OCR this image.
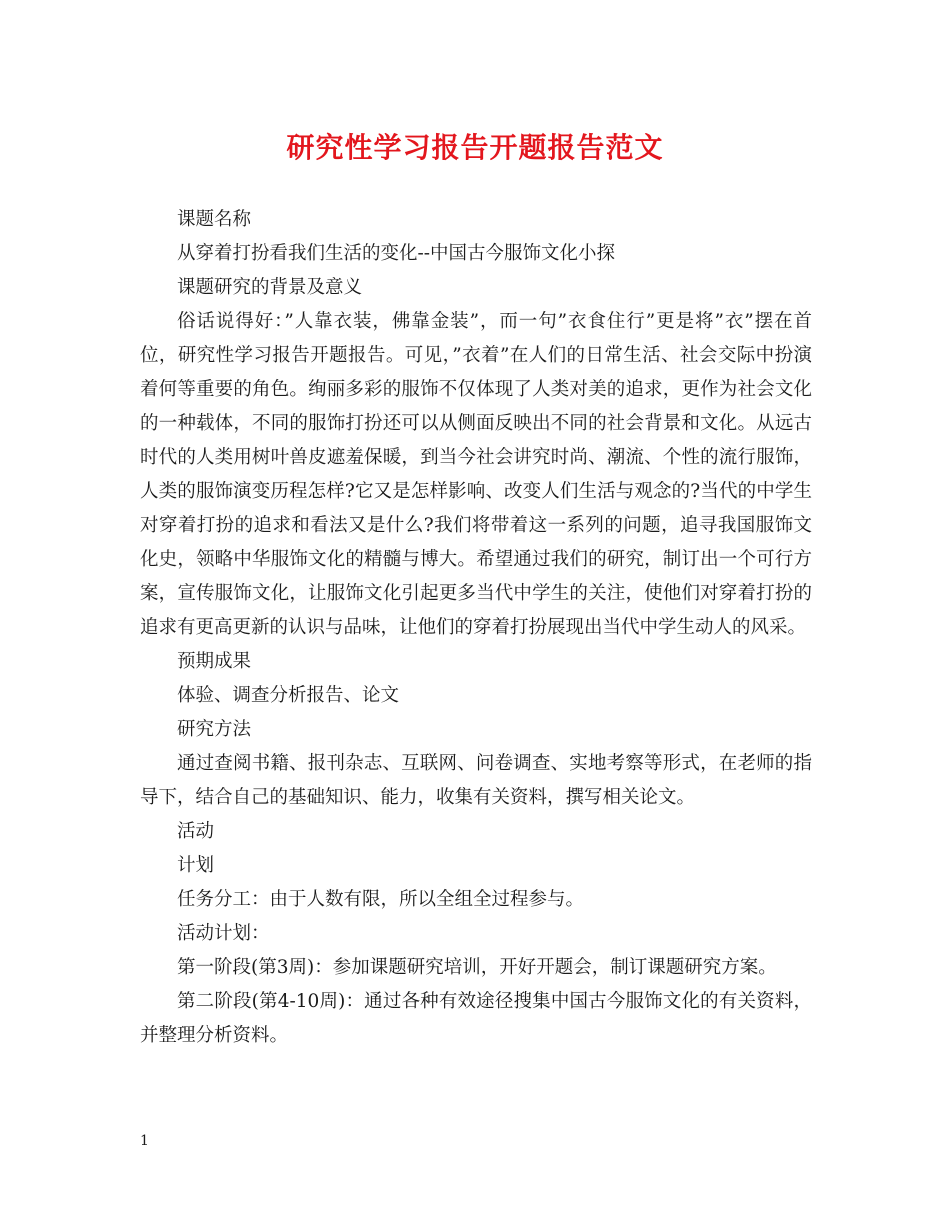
研究性学习报告开题报告范文

课题名称

从穿着打扮看我们生活的变化--中国古今服饰文化小探

课题研究的背景及意义

俗话说得好：”人靠衣装，佛靠金装”，而一句”衣食住行”更是将”衣”摆在首位，研究性学习报告开题报告。可见，”衣着”在人们的日常生活、社会交际中扮演着何等重要的角色。绚丽多彩的服饰不仅体现了人类对美的追求，更作为社会文化的一种载体，不同的服饰打扮还可以从侧面反映出不同的社会背景和文化。从远古时代的人类用树叶兽皮遮羞保暖，到当今社会讲究时尚、潮流、个性的流行服饰，人类的服饰演变历程怎样?它又是怎样影响、改变人们生活与观念的?当代的中学生对穿着打扮的追求和看法又是什么?我们将带着这一系列的问题，追寻我国服饰文化史，领略中华服饰文化的精髓与博大。希望通过我们的研究，制订出一个可行方案，宣传服饰文化，让服饰文化引起更多当代中学生的关注，使他们对穿着打扮的追求有更高更新的认识与品味，让他们的穿着打扮展现出当代中学生动人的风采。

预期成果

体验、调查分析报告、论文

研究方法

通过查阅书籍、报刊杂志、互联网、问卷调查、实地考察等形式，在老师的指导下，结合自己的基础知识、能力，收集有关资料，撰写相关论文。

活动

计划

任务分工：由于人数有限，所以全组全过程参与。

活动计划：

第一阶段(第3周)：参加课题研究培训，开好开题会，制订课题研究方案。

第二阶段(第4-10周)：通过各种有效途径搜集中国古今服饰文化的有关资料，并整理分析资料。

1
